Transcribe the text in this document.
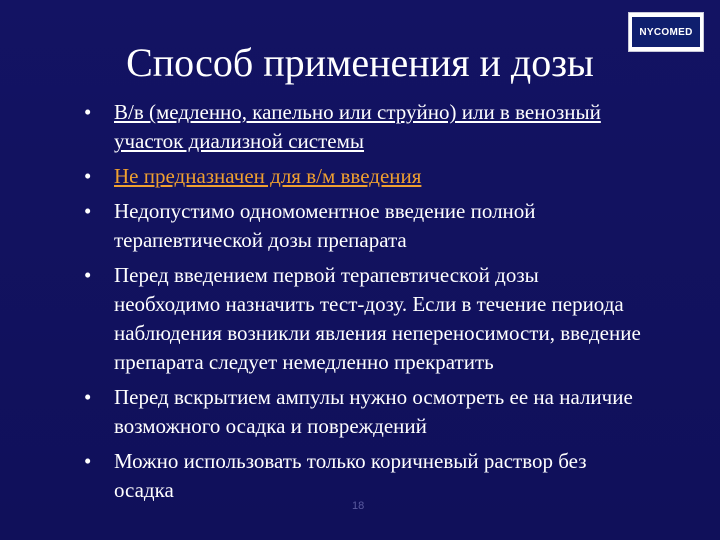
NYCOMED
Способ применения и дозы
• В/в (медленно, капельно или струйно) или в венозный участок диализной системы
• Не предназначен для в/м введения
• Недопустимо одномоментное введение полной терапевтической дозы препарата
• Перед введением первой терапевтической дозы необходимо назначить тест-дозу. Если в течение периода наблюдения возникли явления непереносимости, введение препарата следует немедленно прекратить
• Перед вскрытием ампулы нужно осмотреть ее на наличие возможного осадка и повреждений
• Можно использовать только коричневый раствор без осадка
18
